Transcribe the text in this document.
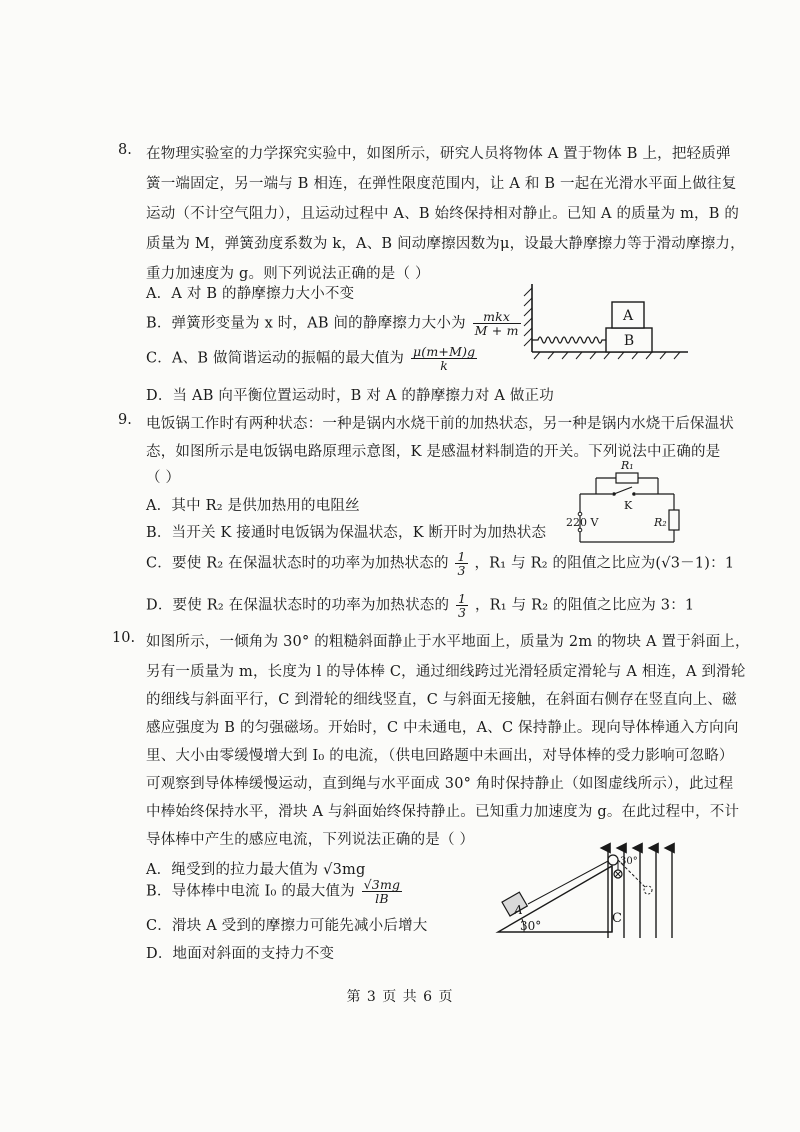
8. 在物理实验室的力学探究实验中，如图所示，研究人员将物体 A 置于物体 B 上，把轻质弹
簧一端固定，另一端与 B 相连，在弹性限度范围内，让 A 和 B 一起在光滑水平面上做往复
运动（不计空气阻力），且运动过程中 A、B 始终保持相对静止。已知 A 的质量为 m，B 的
质量为 M，弹簧劲度系数为 k，A、B 间动摩擦因数为μ，设最大静摩擦力等于滑动摩擦力，
重力加速度为 g。则下列说法正确的是（ ）
A．A 对 B 的静摩擦力大小不变
B．弹簧形变量为 x 时，AB 间的静摩擦力大小为 $\frac{\text{mkx}}{M + m}$
C．A、B 做简谐运动的振幅的最大值为 $\frac{\mu(m+M)g}{k}$
D．当 AB 向平衡位置运动时，B 对 A 的静摩擦力对 A 做正功
B
A
9. 电饭锅工作时有两种状态：一种是锅内水烧干前的加热状态，另一种是锅内水烧干后保温状
态，如图所示是电饭锅电路原理示意图，K 是感温材料制造的开关。下列说法中正确的是
（ ）
A．其中 R₂ 是供加热用的电阻丝
B．当开关 K 接通时电饭锅为保温状态，K 断开时为加热状态
C．要使 R₂ 在保温状态时的功率为加热状态的 $\frac{1}{3}$ ，R₁ 与 R₂ 的阻值之比应为(√3－1)：1
D．要使 R₂ 在保温状态时的功率为加热状态的 $\frac{1}{3}$ ，R₁ 与 R₂ 的阻值之比应为 3：1
R₂
R₁
K
220 V
10. 如图所示，一倾角为 30° 的粗糙斜面静止于水平地面上，质量为 2m 的物块 A 置于斜面上，
另有一质量为 m，长度为 l 的导体棒 C，通过细线跨过光滑轻质定滑轮与 A 相连，A 到滑轮
的细线与斜面平行，C 到滑轮的细线竖直，C 与斜面无接触，在斜面右侧存在竖直向上、磁
感应强度为 B 的匀强磁场。开始时，C 中未通电，A、C 保持静止。现向导体棒通入方向向
里、大小由零缓慢增大到 I₀ 的电流，（供电回路题中未画出，对导体棒的受力影响可忽略）
可观察到导体棒缓慢运动，直到绳与水平面成 30° 角时保持静止（如图虚线所示），此过程
中棒始终保持水平，滑块 A 与斜面始终保持静止。已知重力加速度为 g。在此过程中，不计
导体棒中产生的感应电流，下列说法正确的是（ ）
A．绳受到的拉力最大值为 √3mg
B．导体棒中电流 I₀ 的最大值为 $\frac{√3mg}{lB}$
C．滑块 A 受到的摩擦力可能先减小后增大
D．地面对斜面的支持力不变
30°
A
30°
C
第 3 页 共 6 页
